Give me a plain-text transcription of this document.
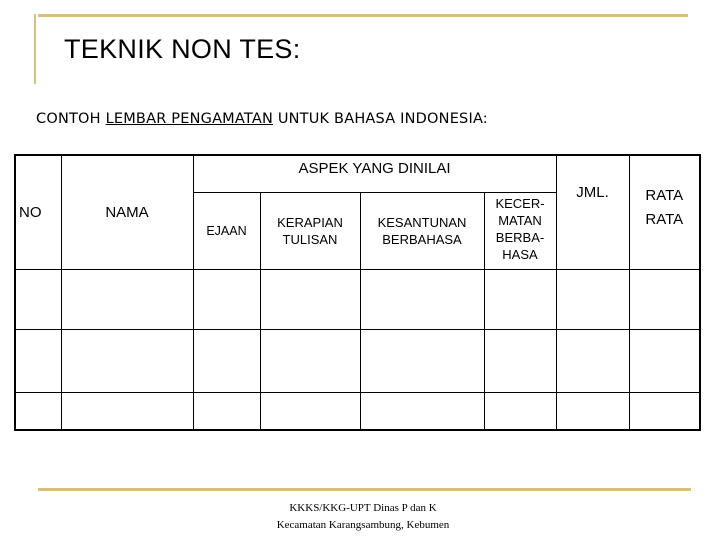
TEKNIK NON TES:
CONTOH LEMBAR PENGAMATAN UNTUK BAHASA INDONESIA:
NO	NAMA	ASPEK YANG DINILAI				JML.	RATA RATA

		EJAAN	KERAPIAN TULISAN	KESANTUNAN BERBAHASA	KECER- MATAN BERBA- HASA		

KKKS/KKG-UPT Dinas P dan K
Kecamatan Karangsambung, Kebumen
